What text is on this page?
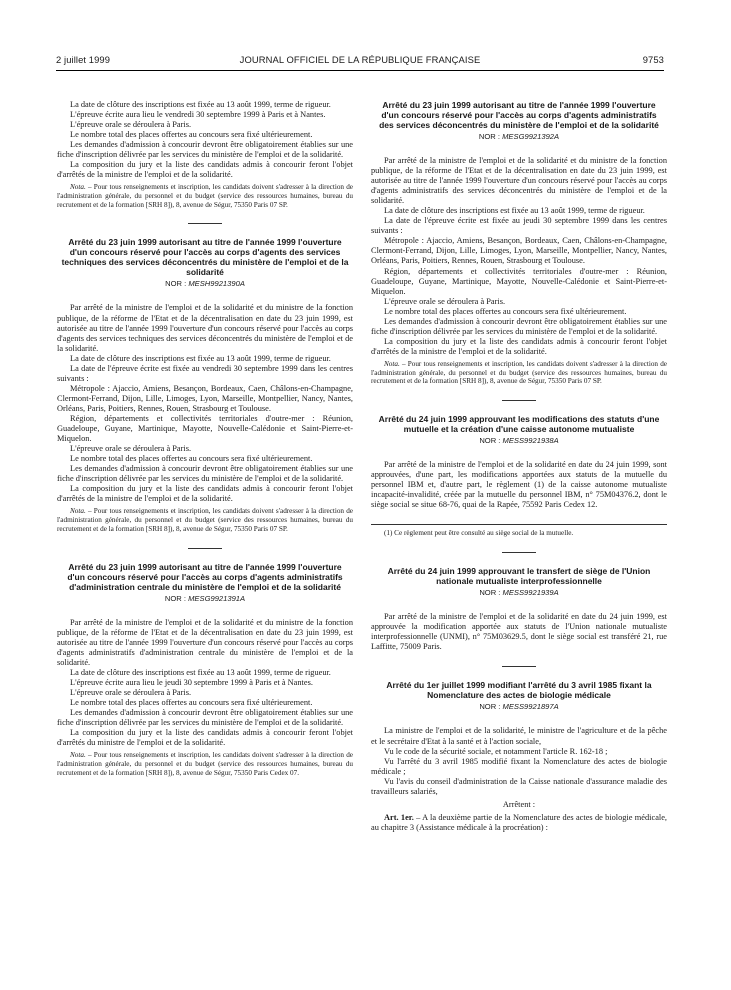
2 juillet 1999	JOURNAL OFFICIEL DE LA RÉPUBLIQUE FRANÇAISE	9753

La date de clôture des inscriptions est fixée au 13 août 1999, terme de rigueur.

L'épreuve écrite aura lieu le vendredi 30 septembre 1999 à Paris et à Nantes.

L'épreuve orale se déroulera à Paris.

Le nombre total des places offertes au concours sera fixé ultérieurement.

Les demandes d'admission à concourir devront être obligatoirement établies sur une fiche d'inscription délivrée par les services du ministère de l'emploi et de la solidarité.

La composition du jury et la liste des candidats admis à concourir feront l'objet d'arrêtés de la ministre de l'emploi et de la solidarité.

Nota. – Pour tous renseignements et inscription, les candidats doivent s'adresser à la direction de l'administration générale, du personnel et du budget (service des ressources humaines, bureau du recrutement et de la formation [SRH 8]), 8, avenue de Ségur, 75350 Paris 07 SP.

Arrêté du 23 juin 1999 autorisant au titre de l'année 1999 l'ouverture d'un concours réservé pour l'accès au corps d'agents des services techniques des services déconcentrés du ministère de l'emploi et de la solidarité

NOR : MESH9921390A

Par arrêté de la ministre de l'emploi et de la solidarité et du ministre de la fonction publique, de la réforme de l'Etat et de la décentralisation en date du 23 juin 1999, est autorisée au titre de l'année 1999 l'ouverture d'un concours réservé pour l'accès au corps d'agents des services techniques des services déconcentrés du ministère de l'emploi et de la solidarité.

La date de clôture des inscriptions est fixée au 13 août 1999, terme de rigueur.

La date de l'épreuve écrite est fixée au vendredi 30 septembre 1999 dans les centres suivants :

Métropole : Ajaccio, Amiens, Besançon, Bordeaux, Caen, Châlons-en-Champagne, Clermont-Ferrand, Dijon, Lille, Limoges, Lyon, Marseille, Montpellier, Nancy, Nantes, Orléans, Paris, Poitiers, Rennes, Rouen, Strasbourg et Toulouse.

Région, départements et collectivités territoriales d'outre-mer : Réunion, Guadeloupe, Guyane, Martinique, Mayotte, Nouvelle-Calédonie et Saint-Pierre-et-Miquelon.

L'épreuve orale se déroulera à Paris.

Le nombre total des places offertes au concours sera fixé ultérieurement.

Les demandes d'admission à concourir devront être obligatoirement établies sur une fiche d'inscription délivrée par les services du ministère de l'emploi et de la solidarité.

La composition du jury et la liste des candidats admis à concourir feront l'objet d'arrêtés de la ministre de l'emploi et de la solidarité.

Nota. – Pour tous renseignements et inscription, les candidats doivent s'adresser à la direction de l'administration générale, du personnel et du budget (service des ressources humaines, bureau du recrutement et de la formation [SRH 8]), 8, avenue de Ségur, 75350 Paris 07 SP.

Arrêté du 23 juin 1999 autorisant au titre de l'année 1999 l'ouverture d'un concours réservé pour l'accès au corps d'agents administratifs d'administration centrale du ministère de l'emploi et de la solidarité

NOR : MESG9921391A

Par arrêté de la ministre de l'emploi et de la solidarité et du ministre de la fonction publique, de la réforme de l'Etat et de la décentralisation en date du 23 juin 1999, est autorisée au titre de l'année 1999 l'ouverture d'un concours réservé pour l'accès au corps d'agents administratifs d'administration centrale du ministère de l'emploi et de la solidarité.

La date de clôture des inscriptions est fixée au 13 août 1999, terme de rigueur.

L'épreuve écrite aura lieu le jeudi 30 septembre 1999 à Paris et à Nantes.

L'épreuve orale se déroulera à Paris.

Le nombre total des places offertes au concours sera fixé ultérieurement.

Les demandes d'admission à concourir devront être obligatoirement établies sur une fiche d'inscription délivrée par les services du ministère de l'emploi et de la solidarité.

La composition du jury et la liste des candidats admis à concourir feront l'objet d'arrêtés du ministre de l'emploi et de la solidarité.

Nota. – Pour tous renseignements et inscription, les candidats doivent s'adresser à la direction de l'administration générale, du personnel et du budget (service des ressources humaines, bureau du recrutement et de la formation [SRH 8]), 8, avenue de Ségur, 75350 Paris Cedex 07.

Arrêté du 23 juin 1999 autorisant au titre de l'année 1999 l'ouverture d'un concours réservé pour l'accès au corps d'agents administratifs des services déconcentrés du ministère de l'emploi et de la solidarité

NOR : MESG9921392A

Par arrêté de la ministre de l'emploi et de la solidarité et du ministre de la fonction publique, de la réforme de l'Etat et de la décentralisation en date du 23 juin 1999, est autorisée au titre de l'année 1999 l'ouverture d'un concours réservé pour l'accès au corps d'agents administratifs des services déconcentrés du ministère de l'emploi et de la solidarité.

La date de clôture des inscriptions est fixée au 13 août 1999, terme de rigueur.

La date de l'épreuve écrite est fixée au jeudi 30 septembre 1999 dans les centres suivants :

Métropole : Ajaccio, Amiens, Besançon, Bordeaux, Caen, Châlons-en-Champagne, Clermont-Ferrand, Dijon, Lille, Limoges, Lyon, Marseille, Montpellier, Nancy, Nantes, Orléans, Paris, Poitiers, Rennes, Rouen, Strasbourg et Toulouse.

Région, départements et collectivités territoriales d'outre-mer : Réunion, Guadeloupe, Guyane, Martinique, Mayotte, Nouvelle-Calédonie et Saint-Pierre-et-Miquelon.

L'épreuve orale se déroulera à Paris.

Le nombre total des places offertes au concours sera fixé ultérieurement.

Les demandes d'admission à concourir devront être obligatoirement établies sur une fiche d'inscription délivrée par les services du ministère de l'emploi et de la solidarité.

La composition du jury et la liste des candidats admis à concourir feront l'objet d'arrêtés de la ministre de l'emploi et de la solidarité.

Nota. – Pour tous renseignements et inscription, les candidats doivent s'adresser à la direction de l'administration générale, du personnel et du budget (service des ressources humaines, bureau du recrutement et de la formation [SRH 8]), 8, avenue de Ségur, 75350 Paris 07 SP.

Arrêté du 24 juin 1999 approuvant les modifications des statuts d'une mutuelle et la création d'une caisse autonome mutualiste

NOR : MESS9921938A

Par arrêté de la ministre de l'emploi et de la solidarité en date du 24 juin 1999, sont approuvées, d'une part, les modifications apportées aux statuts de la mutuelle du personnel IBM et, d'autre part, le règlement (1) de la caisse autonome mutualiste incapacité-invalidité, créée par la mutuelle du personnel IBM, n° 75M04376.2, dont le siège social se situe 68-76, quai de la Rapée, 75592 Paris Cedex 12.

(1) Ce règlement peut être consulté au siège social de la mutuelle.

Arrêté du 24 juin 1999 approuvant le transfert de siège de l'Union nationale mutualiste interprofessionnelle

NOR : MESS9921939A

Par arrêté de la ministre de l'emploi et de la solidarité en date du 24 juin 1999, est approuvée la modification apportée aux statuts de l'Union nationale mutualiste interprofessionnelle (UNMI), n° 75M03629.5, dont le siège social est transféré 21, rue Laffitte, 75009 Paris.

Arrêté du 1er juillet 1999 modifiant l'arrêté du 3 avril 1985 fixant la Nomenclature des actes de biologie médicale

NOR : MESS9921897A

La ministre de l'emploi et de la solidarité, le ministre de l'agriculture et de la pêche et le secrétaire d'Etat à la santé et à l'action sociale,

Vu le code de la sécurité sociale, et notamment l'article R. 162-18 ;

Vu l'arrêté du 3 avril 1985 modifié fixant la Nomenclature des actes de biologie médicale ;

Vu l'avis du conseil d'administration de la Caisse nationale d'assurance maladie des travailleurs salariés,

Arrêtent :

Art. 1er. – A la deuxième partie de la Nomenclature des actes de biologie médicale, au chapitre 3 (Assistance médicale à la procréation) :
